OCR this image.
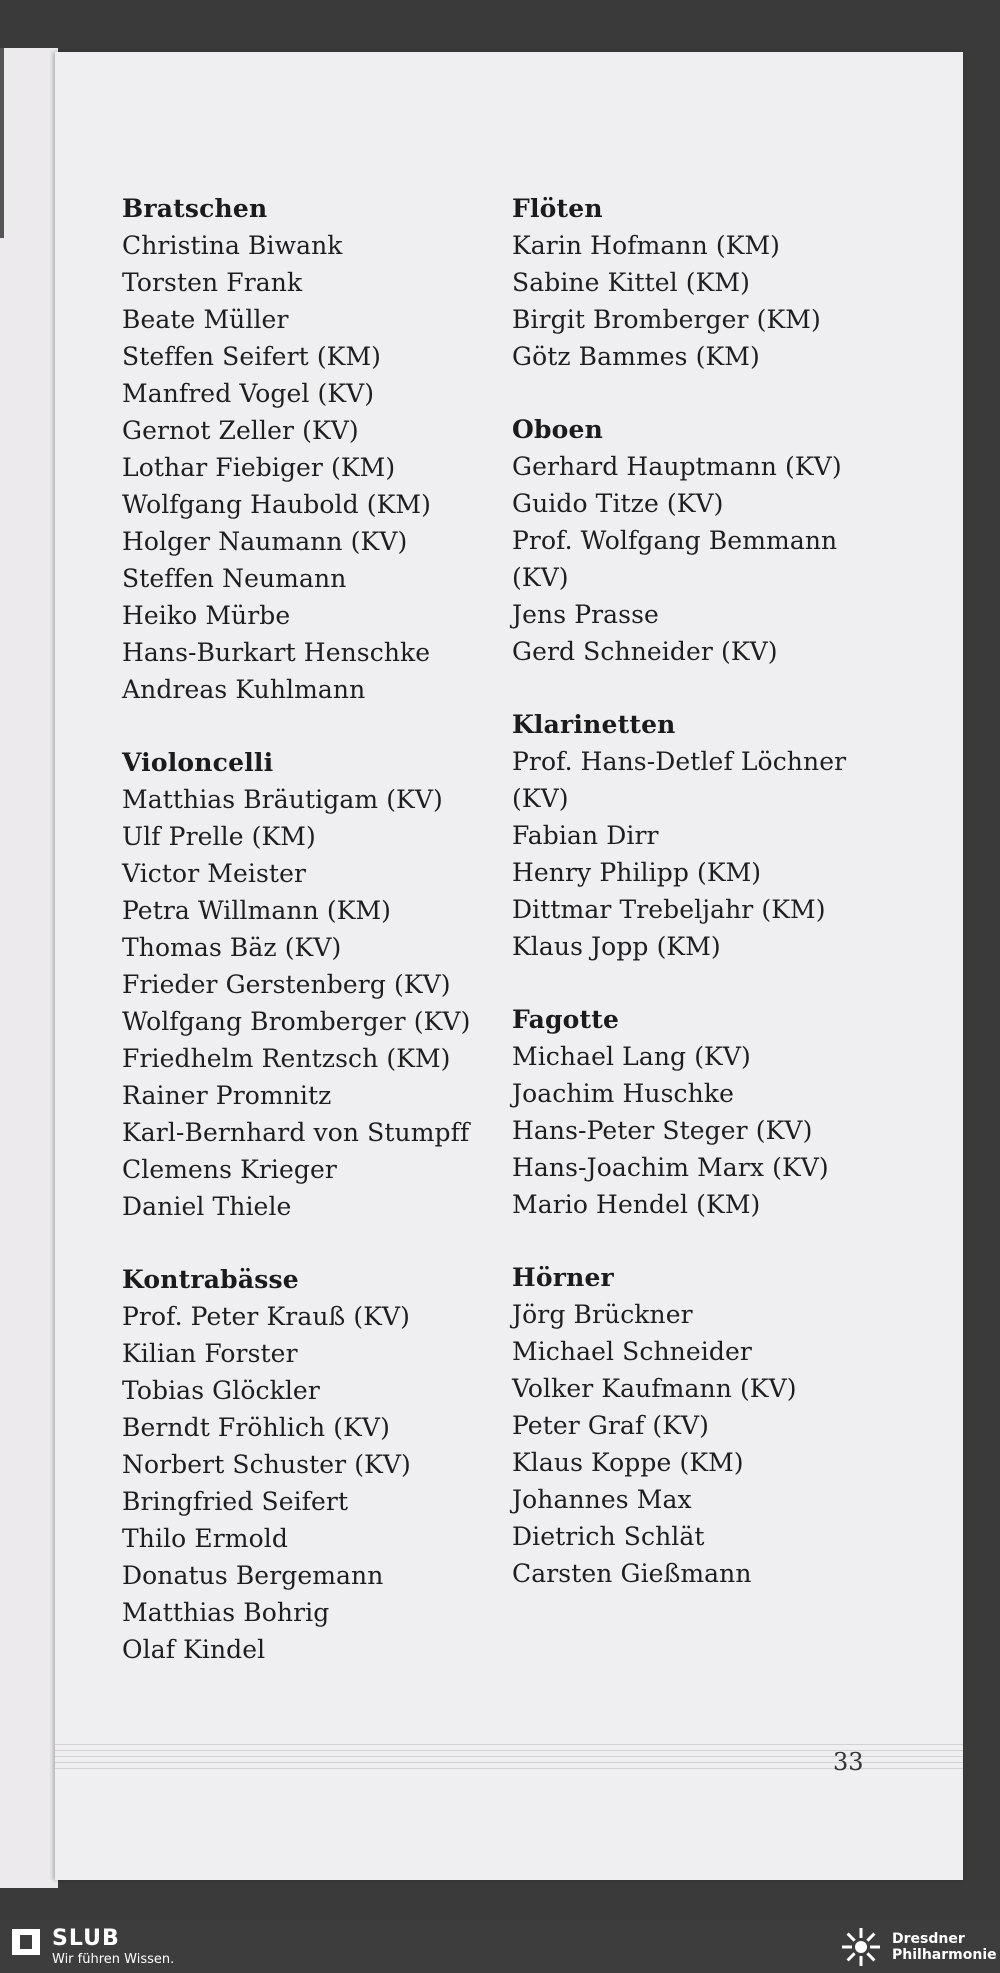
Bratschen
Christina Biwank
Torsten Frank
Beate Müller
Steffen Seifert (KM)
Manfred Vogel (KV)
Gernot Zeller (KV)
Lothar Fiebiger (KM)
Wolfgang Haubold (KM)
Holger Naumann (KV)
Steffen Neumann
Heiko Mürbe
Hans-Burkart Henschke
Andreas Kuhlmann
Violoncelli
Matthias Bräutigam (KV)
Ulf Prelle (KM)
Victor Meister
Petra Willmann (KM)
Thomas Bäz (KV)
Frieder Gerstenberg (KV)
Wolfgang Bromberger (KV)
Friedhelm Rentzsch (KM)
Rainer Promnitz
Karl-Bernhard von Stumpff
Clemens Krieger
Daniel Thiele
Kontrabässe
Prof. Peter Krauß (KV)
Kilian Forster
Tobias Glöckler
Berndt Fröhlich (KV)
Norbert Schuster (KV)
Bringfried Seifert
Thilo Ermold
Donatus Bergemann
Matthias Bohrig
Olaf Kindel
Flöten
Karin Hofmann (KM)
Sabine Kittel (KM)
Birgit Bromberger (KM)
Götz Bammes (KM)
Oboen
Gerhard Hauptmann (KV)
Guido Titze (KV)
Prof. Wolfgang Bemmann
(KV)
Jens Prasse
Gerd Schneider (KV)
Klarinetten
Prof. Hans-Detlef Löchner
(KV)
Fabian Dirr
Henry Philipp (KM)
Dittmar Trebeljahr (KM)
Klaus Jopp (KM)
Fagotte
Michael Lang (KV)
Joachim Huschke
Hans-Peter Steger (KV)
Hans-Joachim Marx (KV)
Mario Hendel (KM)
Hörner
Jörg Brückner
Michael Schneider
Volker Kaufmann (KV)
Peter Graf (KV)
Klaus Koppe (KM)
Johannes Max
Dietrich Schlät
Carsten Gießmann
33
SLUB
Wir führen Wissen.
Dresdner
Philharmonie
